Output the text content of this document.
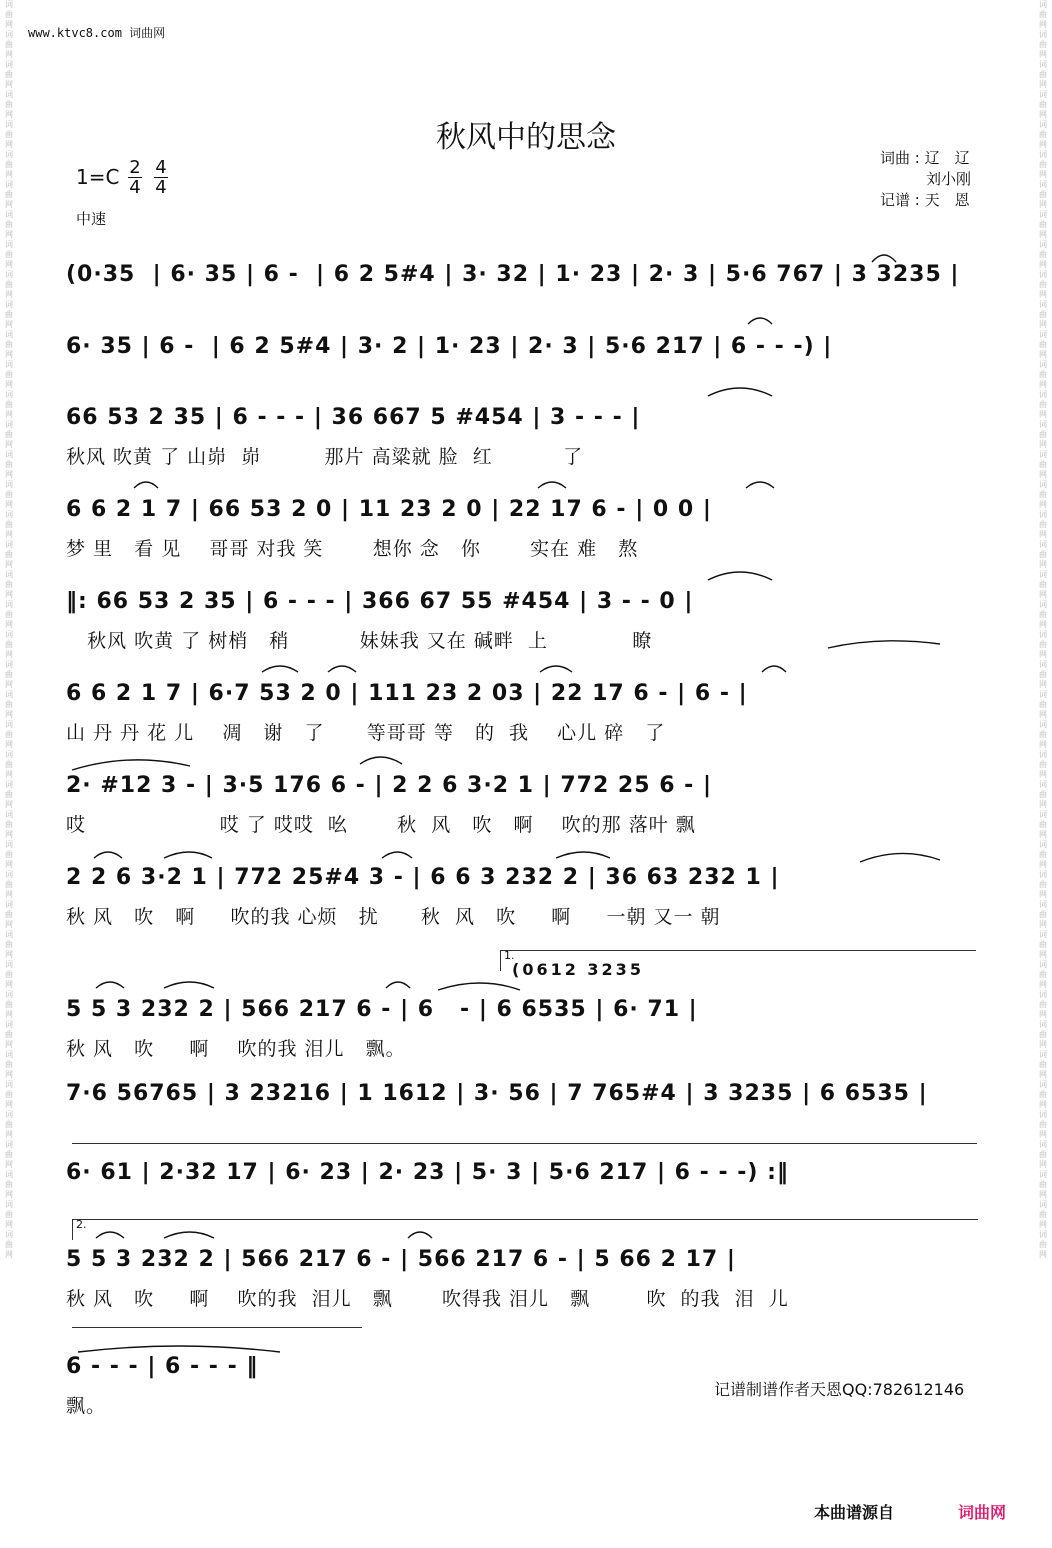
词曲网词曲网词曲网词曲网词曲网词曲网词曲网词曲网词曲网词曲网词曲网词曲网词曲网词曲网词曲网词曲网词曲网词曲网词曲网词曲网词曲网词曲网词曲网词曲网词曲网词曲网词曲网词曲网词曲网词曲网词曲网词曲网词曲网词曲网词曲网词曲网词曲网词曲网词曲网词曲网词曲网词曲网
词曲网词曲网词曲网词曲网词曲网词曲网词曲网词曲网词曲网词曲网词曲网词曲网词曲网词曲网词曲网词曲网词曲网词曲网词曲网词曲网词曲网词曲网词曲网词曲网词曲网词曲网词曲网词曲网词曲网词曲网词曲网词曲网词曲网词曲网词曲网词曲网词曲网词曲网词曲网词曲网词曲网词曲网
www.ktvc8.com 词曲网
秋风中的思念
$1=C \frac{2}{4} \frac{4}{4}$
中速
词曲 : 辽　辽
刘小刚
记谱 : 天　恩
1.
(0612 3235
2.
(0·35  | 6· 35 | 6 -  | 6 2 5#4 | 3· 32 | 1· 23 | 2· 3 | 5·6 767 | 3 3235 |
6· 35 | 6 -  | 6 2 5#4 | 3· 2 | 1· 23 | 2· 3 | 5·6 217 | 6 - - -) |
66 53 2 35 | 6 - - - | 36 667 5 #454 | 3 - - - |
秋风 吹黄 了 山峁  峁         那片 高粱就 脸  红          了
6 6 2 1 7 | 66 53 2 0 | 11 23 2 0 | 22 17 6 - | 0 0 |
梦 里   看 见    哥哥 对我 笑       想你 念   你       实在 难   熬
‖: 66 53 2 35 | 6 - - - | 366 67 55 #454 | 3 - - 0 |
秋风 吹黄 了 树梢   稍          妹妹我 又在 碱畔  上            瞭
6 6 2 1 7 | 6·7 53 2 0 | 111 23 2 03 | 22 17 6 - | 6 - |
山 丹 丹 花 儿    凋   谢   了      等哥哥 等   的  我    心儿 碎   了
2· #12 3 - | 3·5 176 6 - | 2 2 6 3·2 1 | 772 25 6 - |
哎                   哎 了 哎哎  吆       秋  风   吹   啊    吹的那 落叶 飘
2 2 6 3·2 1 | 772 25#4 3 - | 6 6 3 232 2 | 36 63 232 1 |
秋 风   吹   啊     吹的我 心烦   扰      秋  风   吹     啊     一朝 又一 朝
5 5 3 232 2 | 566 217 6 - | 6   - | 6 6535 | 6· 71 |
秋 风   吹     啊    吹的我 泪儿   飘。
7·6 56765 | 3 23216 | 1 1612 | 3· 56 | 7 765#4 | 3 3235 | 6 6535 |
6· 61 | 2·32 17 | 6· 23 | 2· 23 | 5· 3 | 5·6 217 | 6 - - -) :‖
5 5 3 232 2 | 566 217 6 - | 566 217 6 - | 5 66 2 17 |
秋 风   吹     啊    吹的我  泪儿   飘       吹得我 泪儿   飘        吹  的我  泪  儿
6 - - - | 6 - - - ‖
飘。
记谱制谱作者天恩QQ:782612146
本曲谱源自	词曲网
